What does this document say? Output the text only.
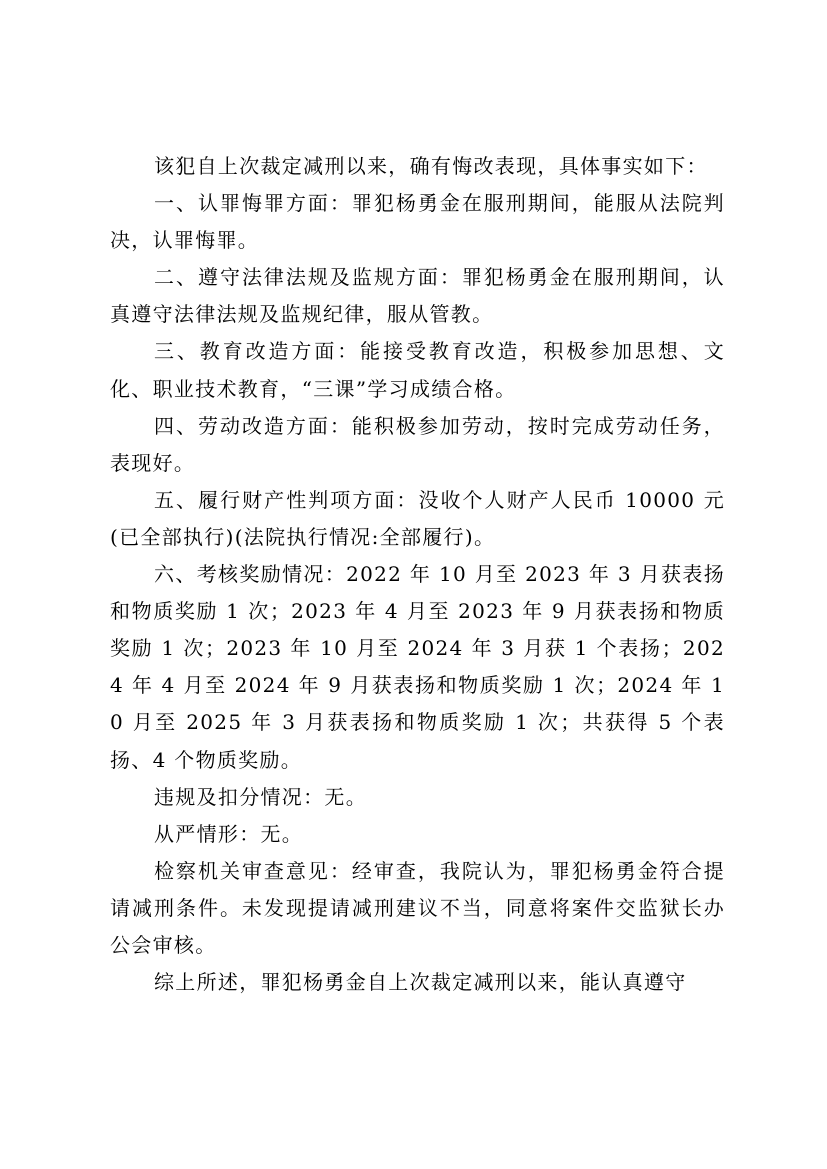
该犯自上次裁定减刑以来，确有悔改表现，具体事实如下：

一、认罪悔罪方面：罪犯杨勇金在服刑期间，能服从法院判决，认罪悔罪。

二、遵守法律法规及监规方面：罪犯杨勇金在服刑期间，认真遵守法律法规及监规纪律，服从管教。

三、教育改造方面：能接受教育改造，积极参加思想、文化、职业技术教育，“三课”学习成绩合格。

四、劳动改造方面：能积极参加劳动，按时完成劳动任务，表现好。

五、履行财产性判项方面：没收个人财产人民币 10000 元(已全部执行)(法院执行情况:全部履行)。

六、考核奖励情况：2022 年 10 月至 2023 年 3 月获表扬和物质奖励 1 次；2023 年 4 月至 2023 年 9 月获表扬和物质奖励 1 次；2023 年 10 月至 2024 年 3 月获 1 个表扬；2024 年 4 月至 2024 年 9 月获表扬和物质奖励 1 次；2024 年 10 月至 2025 年 3 月获表扬和物质奖励 1 次；共获得 5 个表扬、4 个物质奖励。

违规及扣分情况：无。

从严情形：无。

检察机关审查意见：经审查，我院认为，罪犯杨勇金符合提请减刑条件。未发现提请减刑建议不当，同意将案件交监狱长办公会审核。

综上所述，罪犯杨勇金自上次裁定减刑以来，能认真遵守
